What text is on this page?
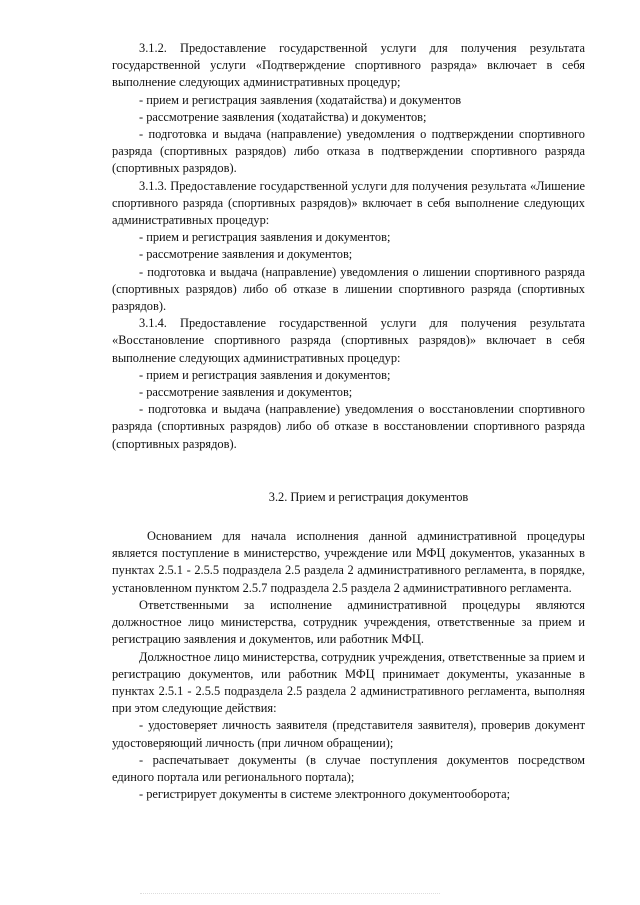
3.1.2. Предоставление государственной услуги для получения результата государственной услуги «Подтверждение спортивного разряда» включает в себя выполнение следующих административных процедур;

- прием и регистрация заявления (ходатайства) и документов

- рассмотрение заявления (ходатайства) и документов;

- подготовка и выдача (направление) уведомления о подтверждении спортивного разряда (спортивных разрядов) либо отказа в подтверждении спортивного разряда (спортивных разрядов).

3.1.3. Предоставление государственной услуги для получения результата «Лишение спортивного разряда (спортивных разрядов)» включает в себя выполнение следующих административных процедур:

- прием и регистрация заявления и документов;

- рассмотрение заявления и документов;

- подготовка и выдача (направление) уведомления о лишении спортивного разряда (спортивных разрядов) либо об отказе в лишении спортивного разряда (спортивных разрядов).

3.1.4. Предоставление государственной услуги для получения результата «Восстановление спортивного разряда (спортивных разрядов)» включает в себя выполнение следующих административных процедур:

- прием и регистрация заявления и документов;

- рассмотрение заявления и документов;

- подготовка и выдача (направление) уведомления о восстановлении спортивного разряда (спортивных разрядов) либо об отказе в восстановлении спортивного разряда (спортивных разрядов).

3.2. Прием и регистрация документов

Основанием для начала исполнения данной административной процедуры является поступление в министерство, учреждение или МФЦ документов, указанных в пунктах 2.5.1 - 2.5.5 подраздела 2.5 раздела 2 административного регламента, в порядке, установленном пунктом 2.5.7 подраздела 2.5 раздела 2 административного регламента.

Ответственными за исполнение административной процедуры являются должностное лицо министерства, сотрудник учреждения, ответственные за прием и регистрацию заявления и документов, или работник МФЦ.

Должностное лицо министерства, сотрудник учреждения, ответственные за прием и регистрацию документов, или работник МФЦ принимает документы, указанные в пунктах 2.5.1 - 2.5.5 подраздела 2.5 раздела 2 административного регламента, выполняя при этом следующие действия:

- удостоверяет личность заявителя (представителя заявителя), проверив документ удостоверяющий личность (при личном обращении);

- распечатывает документы (в случае поступления документов посредством единого портала или регионального портала);

- регистрирует документы в системе электронного документооборота;
